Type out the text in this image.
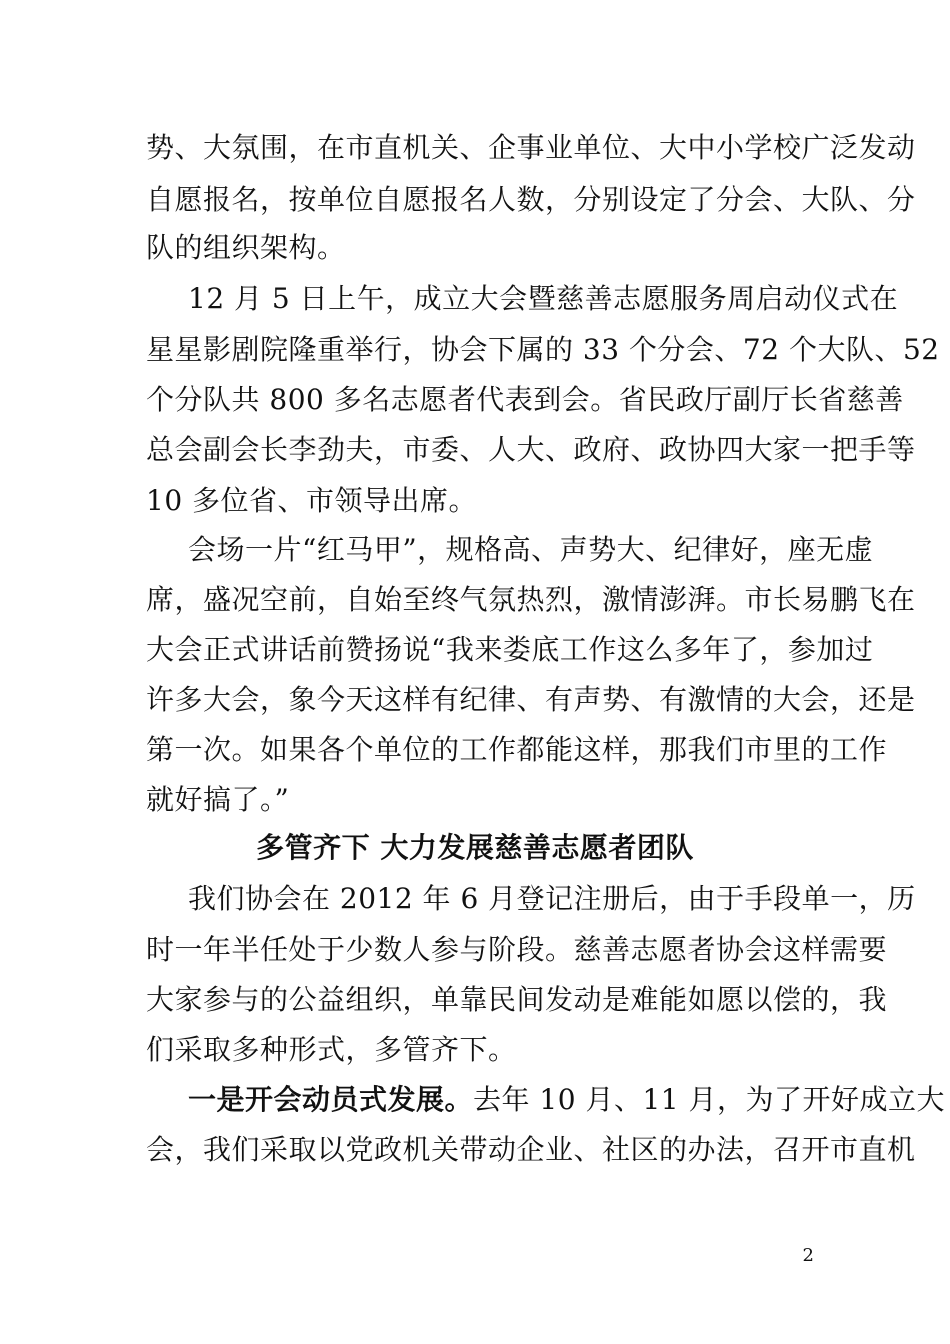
势、大氛围，在市直机关、企事业单位、大中小学校广泛发动
自愿报名，按单位自愿报名人数，分别设定了分会、大队、分
队的组织架构。
12 月 5 日上午，成立大会暨慈善志愿服务周启动仪式在
星星影剧院隆重举行，协会下属的 33 个分会、72 个大队、52
个分队共 800 多名志愿者代表到会。省民政厅副厅长省慈善
总会副会长李劲夫，市委、人大、政府、政协四大家一把手等
10 多位省、市领导出席。
会场一片“红马甲”，规格高、声势大、纪律好，座无虚
席，盛况空前，自始至终气氛热烈，激情澎湃。市长易鹏飞在
大会正式讲话前赞扬说“我来娄底工作这么多年了，参加过
许多大会，象今天这样有纪律、有声势、有激情的大会，还是
第一次。如果各个单位的工作都能这样，那我们市里的工作
就好搞了。”
多管齐下 大力发展慈善志愿者团队
我们协会在 2012 年 6 月登记注册后，由于手段单一，历
时一年半任处于少数人参与阶段。慈善志愿者协会这样需要
大家参与的公益组织，单靠民间发动是难能如愿以偿的，我
们采取多种形式，多管齐下。
一是开会动员式发展。去年 10 月、11 月，为了开好成立大
会，我们采取以党政机关带动企业、社区的办法，召开市直机
2
